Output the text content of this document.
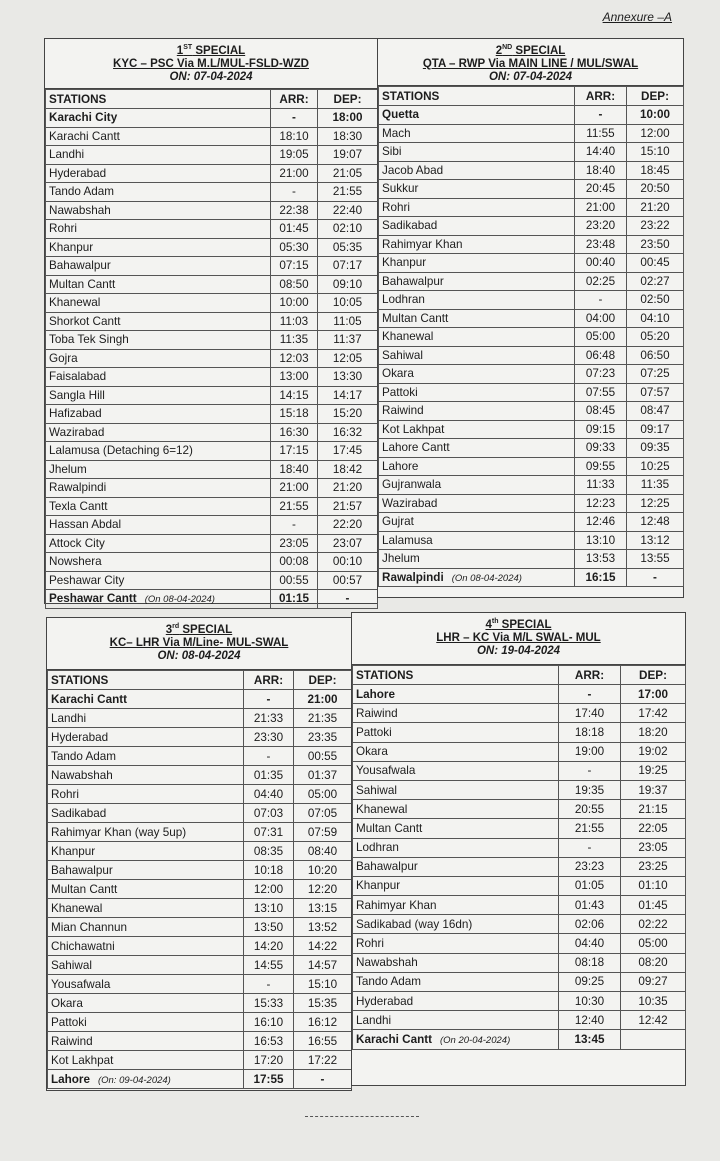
Annexure –A
1ST SPECIAL
KYC – PSC Via M.L/MUL-FSLD-WZD
ON: 07-04-2024
STATIONS	ARR:	DEP:
Karachi City	-	18:00
Karachi Cantt	18:10	18:30
Landhi	19:05	19:07
Hyderabad	21:00	21:05
Tando Adam	-	21:55
Nawabshah	22:38	22:40
Rohri	01:45	02:10
Khanpur	05:30	05:35
Bahawalpur	07:15	07:17
Multan Cantt	08:50	09:10
Khanewal	10:00	10:05
Shorkot Cantt	11:03	11:05
Toba Tek Singh	11:35	11:37
Gojra	12:03	12:05
Faisalabad	13:00	13:30
Sangla Hill	14:15	14:17
Hafizabad	15:18	15:20
Wazirabad	16:30	16:32
Lalamusa (Detaching 6=12)	17:15	17:45
Jhelum	18:40	18:42
Rawalpindi	21:00	21:20
Texla Cantt	21:55	21:57
Hassan Abdal	-	22:20
Attock City	23:05	23:07
Nowshera	00:08	00:10
Peshawar City	00:55	00:57
Peshawar Cantt (On 08-04-2024)	01:15	-
2ND SPECIAL
QTA – RWP Via MAIN LINE / MUL/SWAL
ON: 07-04-2024
STATIONS	ARR:	DEP:
Quetta	-	10:00
Mach	11:55	12:00
Sibi	14:40	15:10
Jacob Abad	18:40	18:45
Sukkur	20:45	20:50
Rohri	21:00	21:20
Sadikabad	23:20	23:22
Rahimyar Khan	23:48	23:50
Khanpur	00:40	00:45
Bahawalpur	02:25	02:27
Lodhran	-	02:50
Multan Cantt	04:00	04:10
Khanewal	05:00	05:20
Sahiwal	06:48	06:50
Okara	07:23	07:25
Pattoki	07:55	07:57
Raiwind	08:45	08:47
Kot Lakhpat	09:15	09:17
Lahore Cantt	09:33	09:35
Lahore	09:55	10:25
Gujranwala	11:33	11:35
Wazirabad	12:23	12:25
Gujrat	12:46	12:48
Lalamusa	13:10	13:12
Jhelum	13:53	13:55
Rawalpindi (On 08-04-2024)	16:15	-
3rd SPECIAL
KC– LHR Via M/Line- MUL-SWAL
ON: 08-04-2024
STATIONS	ARR:	DEP:
Karachi Cantt	-	21:00
Landhi	21:33	21:35
Hyderabad	23:30	23:35
Tando Adam	-	00:55
Nawabshah	01:35	01:37
Rohri	04:40	05:00
Sadikabad	07:03	07:05
Rahimyar Khan (way 5up)	07:31	07:59
Khanpur	08:35	08:40
Bahawalpur	10:18	10:20
Multan Cantt	12:00	12:20
Khanewal	13:10	13:15
Mian Channun	13:50	13:52
Chichawatni	14:20	14:22
Sahiwal	14:55	14:57
Yousafwala	-	15:10
Okara	15:33	15:35
Pattoki	16:10	16:12
Raiwind	16:53	16:55
Kot Lakhpat	17:20	17:22
Lahore (On: 09-04-2024)	17:55	-
4th SPECIAL
LHR – KC Via M/L SWAL- MUL
ON: 19-04-2024
STATIONS	ARR:	DEP:
Lahore	-	17:00
Raiwind	17:40	17:42
Pattoki	18:18	18:20
Okara	19:00	19:02
Yousafwala	-	19:25
Sahiwal	19:35	19:37
Khanewal	20:55	21:15
Multan Cantt	21:55	22:05
Lodhran	-	23:05
Bahawalpur	23:23	23:25
Khanpur	01:05	01:10
Rahimyar Khan	01:43	01:45
Sadikabad (way 16dn)	02:06	02:22
Rohri	04:40	05:00
Nawabshah	08:18	08:20
Tando Adam	09:25	09:27
Hyderabad	10:30	10:35
Landhi	12:40	12:42
Karachi Cantt (On 20-04-2024)	13:45	
